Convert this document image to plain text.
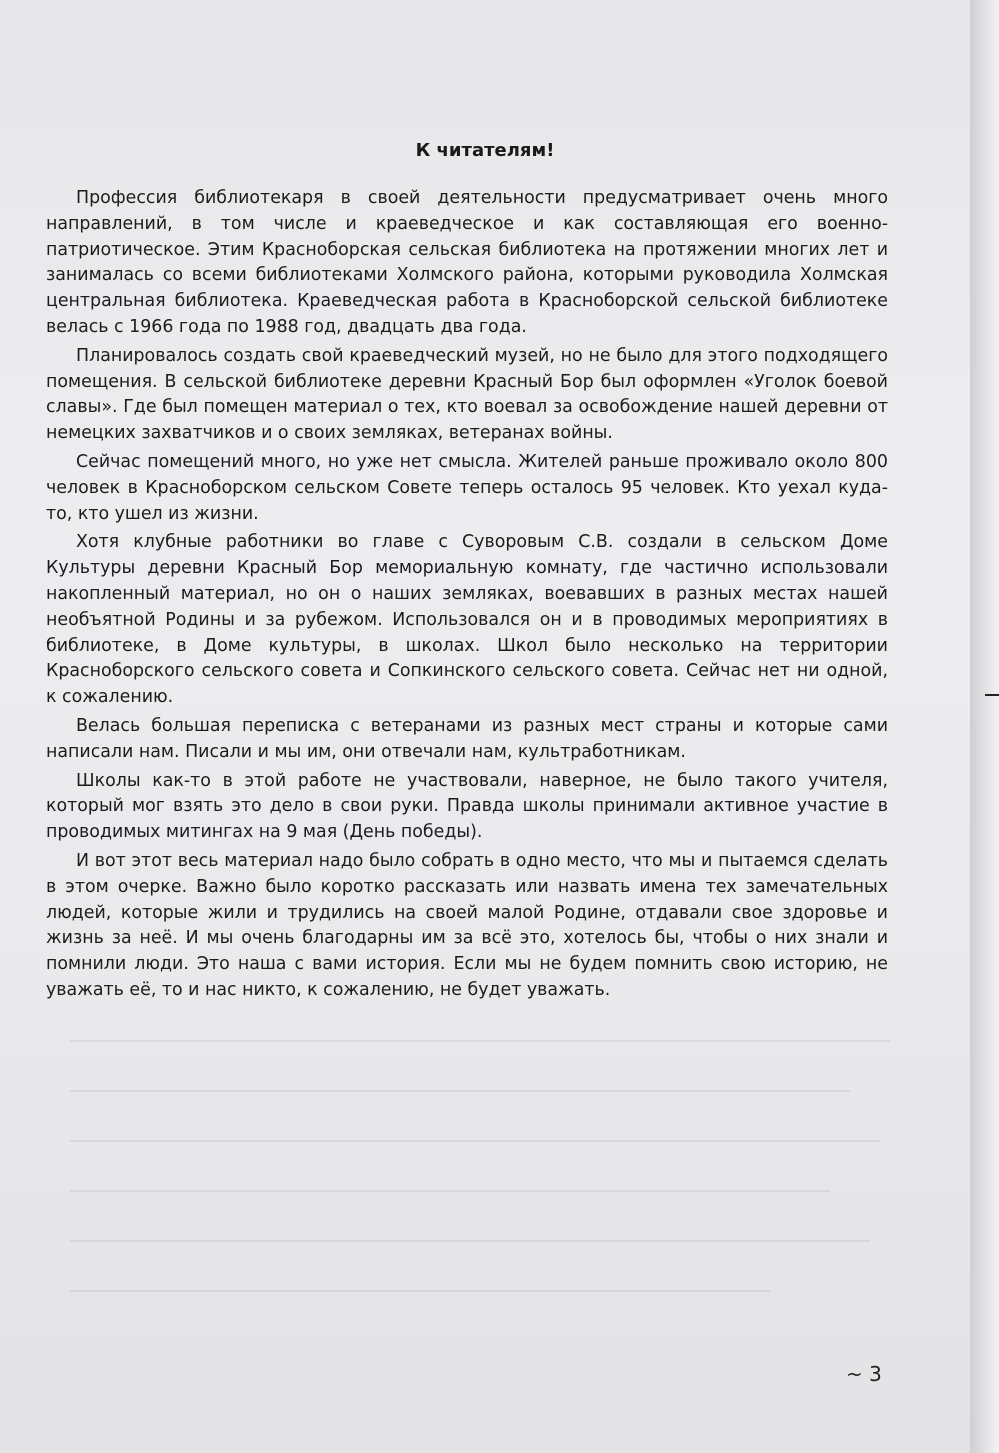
К читателям!

Профессия библиотекаря в своей деятельности предусматривает очень много направлений, в том числе и краеведческое и как составляющая его военно-патриотическое. Этим Красноборская сельская библиотека на протяжении многих лет и занималась со всеми библиотеками Холмского района, которыми руководила Холмская центральная библиотека. Краеведческая работа в Красноборской сельской библиотеке велась с 1966 года по 1988 год, двадцать два года.

Планировалось создать свой краеведческий музей, но не было для этого подходящего помещения. В сельской библиотеке деревни Красный Бор был оформлен «Уголок боевой славы». Где был помещен материал о тех, кто воевал за освобождение нашей деревни от немецких захватчиков и о своих земляках, ветеранах войны.

Сейчас помещений много, но уже нет смысла. Жителей раньше проживало около 800 человек в Красноборском сельском Совете теперь осталось 95 человек. Кто уехал куда-то, кто ушел из жизни.

Хотя клубные работники во главе с Суворовым С.В. создали в сельском Доме Культуры деревни Красный Бор мемориальную комнату, где частично использовали накопленный материал, но он о наших земляках, воевавших в разных местах нашей необъятной Родины и за рубежом. Использовался он и в проводимых мероприятиях в библиотеке, в Доме культуры, в школах. Школ было несколько на территории Красноборского сельского совета и Сопкинского сельского совета. Сейчас нет ни одной, к сожалению.

Велась большая переписка с ветеранами из разных мест страны и которые сами написали нам. Писали и мы им, они отвечали нам, культработникам.

Школы как-то в этой работе не участвовали, наверное, не было такого учителя, который мог взять это дело в свои руки. Правда школы принимали активное участие в проводимых митингах на 9 мая (День победы).

И вот этот весь материал надо было собрать в одно место, что мы и пытаемся сделать в этом очерке. Важно было коротко рассказать или назвать имена тех замечательных людей, которые жили и трудились на своей малой Родине, отдавали свое здоровье и жизнь за неё. И мы очень благодарны им за всё это, хотелось бы, чтобы о них знали и помнили люди. Это наша с вами история. Если мы не будем помнить свою историю, не уважать её, то и нас никто, к сожалению, не будет уважать.

~ 3
